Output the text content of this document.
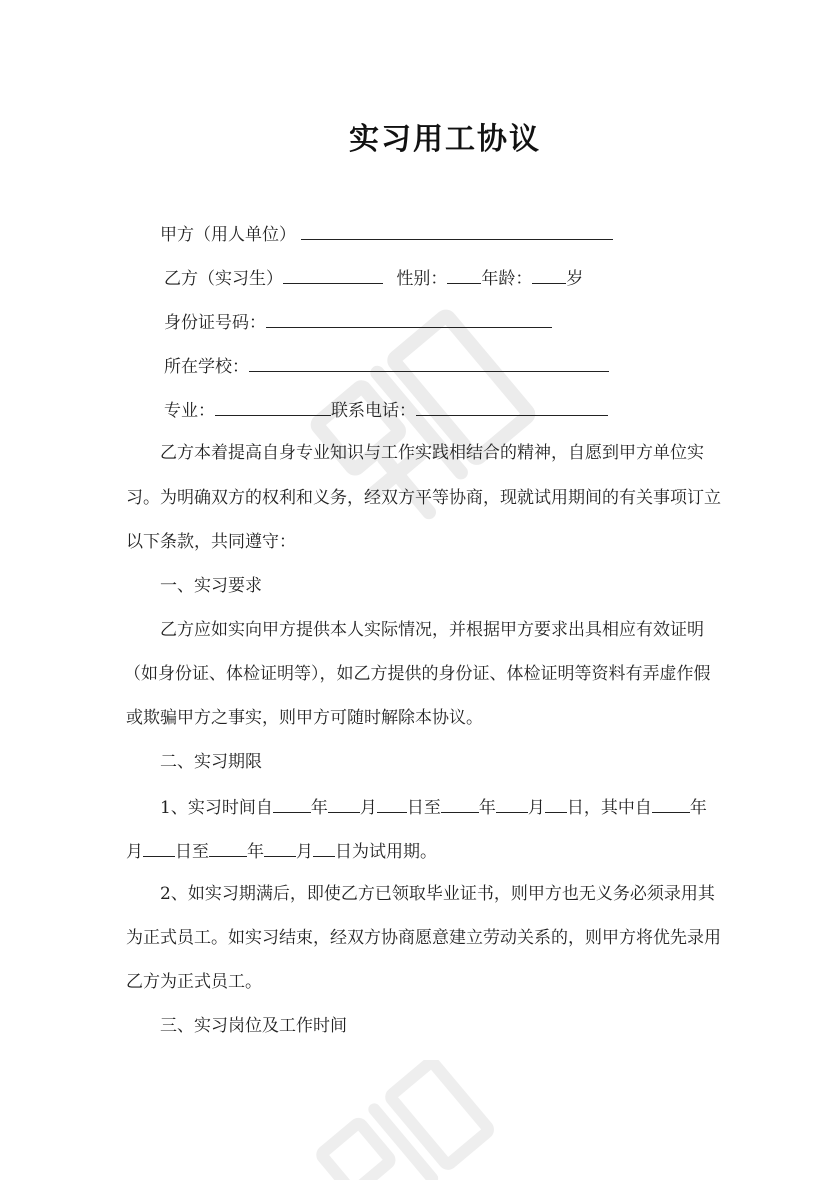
实习用工协议
甲方（用人单位）
乙方（实习生）	性别： 年龄： 岁
身份证号码：
所在学校：
专业：	联系电话：
乙方本着提高自身专业知识与工作实践相结合的精神，自愿到甲方单位实
习。为明确双方的权利和义务，经双方平等协商，现就试用期间的有关事项订立
以下条款，共同遵守：
一、实习要求
乙方应如实向甲方提供本人实际情况，并根据甲方要求出具相应有效证明
（如身份证、体检证明等），如乙方提供的身份证、体检证明等资料有弄虚作假
或欺骗甲方之事实，则甲方可随时解除本协议。
二、实习期限
1、实习时间自 年 月 日至 年 月 日，其中自 年
月 日至 年 月 日为试用期。
2、如实习期满后，即使乙方已领取毕业证书，则甲方也无义务必须录用其
为正式员工。如实习结束，经双方协商愿意建立劳动关系的，则甲方将优先录用
乙方为正式员工。
三、实习岗位及工作时间
